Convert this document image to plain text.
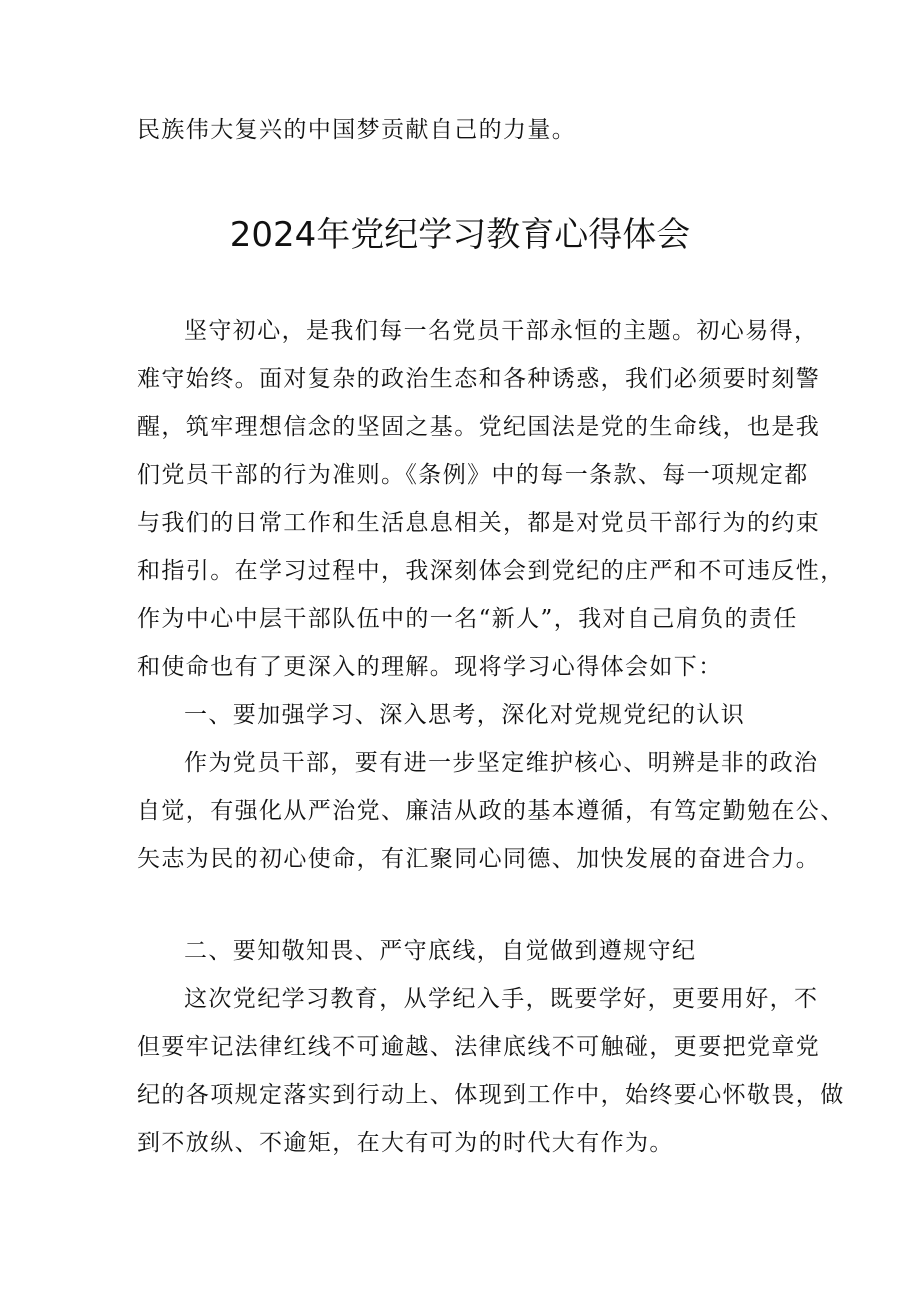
民族伟大复兴的中国梦贡献自己的力量。
2024年党纪学习教育心得体会
坚守初心，是我们每一名党员干部永恒的主题。初心易得，
难守始终。面对复杂的政治生态和各种诱惑，我们必须要时刻警
醒，筑牢理想信念的坚固之基。党纪国法是党的生命线，也是我
们党员干部的行为准则。《条例》中的每一条款、每一项规定都
与我们的日常工作和生活息息相关，都是对党员干部行为的约束
和指引。在学习过程中，我深刻体会到党纪的庄严和不可违反性，
作为中心中层干部队伍中的一名“新人”，我对自己肩负的责任
和使命也有了更深入的理解。现将学习心得体会如下：
一、要加强学习、深入思考，深化对党规党纪的认识
作为党员干部，要有进一步坚定维护核心、明辨是非的政治
自觉，有强化从严治党、廉洁从政的基本遵循，有笃定勤勉在公、
矢志为民的初心使命，有汇聚同心同德、加快发展的奋进合力。
二、要知敬知畏、严守底线，自觉做到遵规守纪
这次党纪学习教育，从学纪入手，既要学好，更要用好，不
但要牢记法律红线不可逾越、法律底线不可触碰，更要把党章党
纪的各项规定落实到行动上、体现到工作中，始终要心怀敬畏，做
到不放纵、不逾矩，在大有可为的时代大有作为。
